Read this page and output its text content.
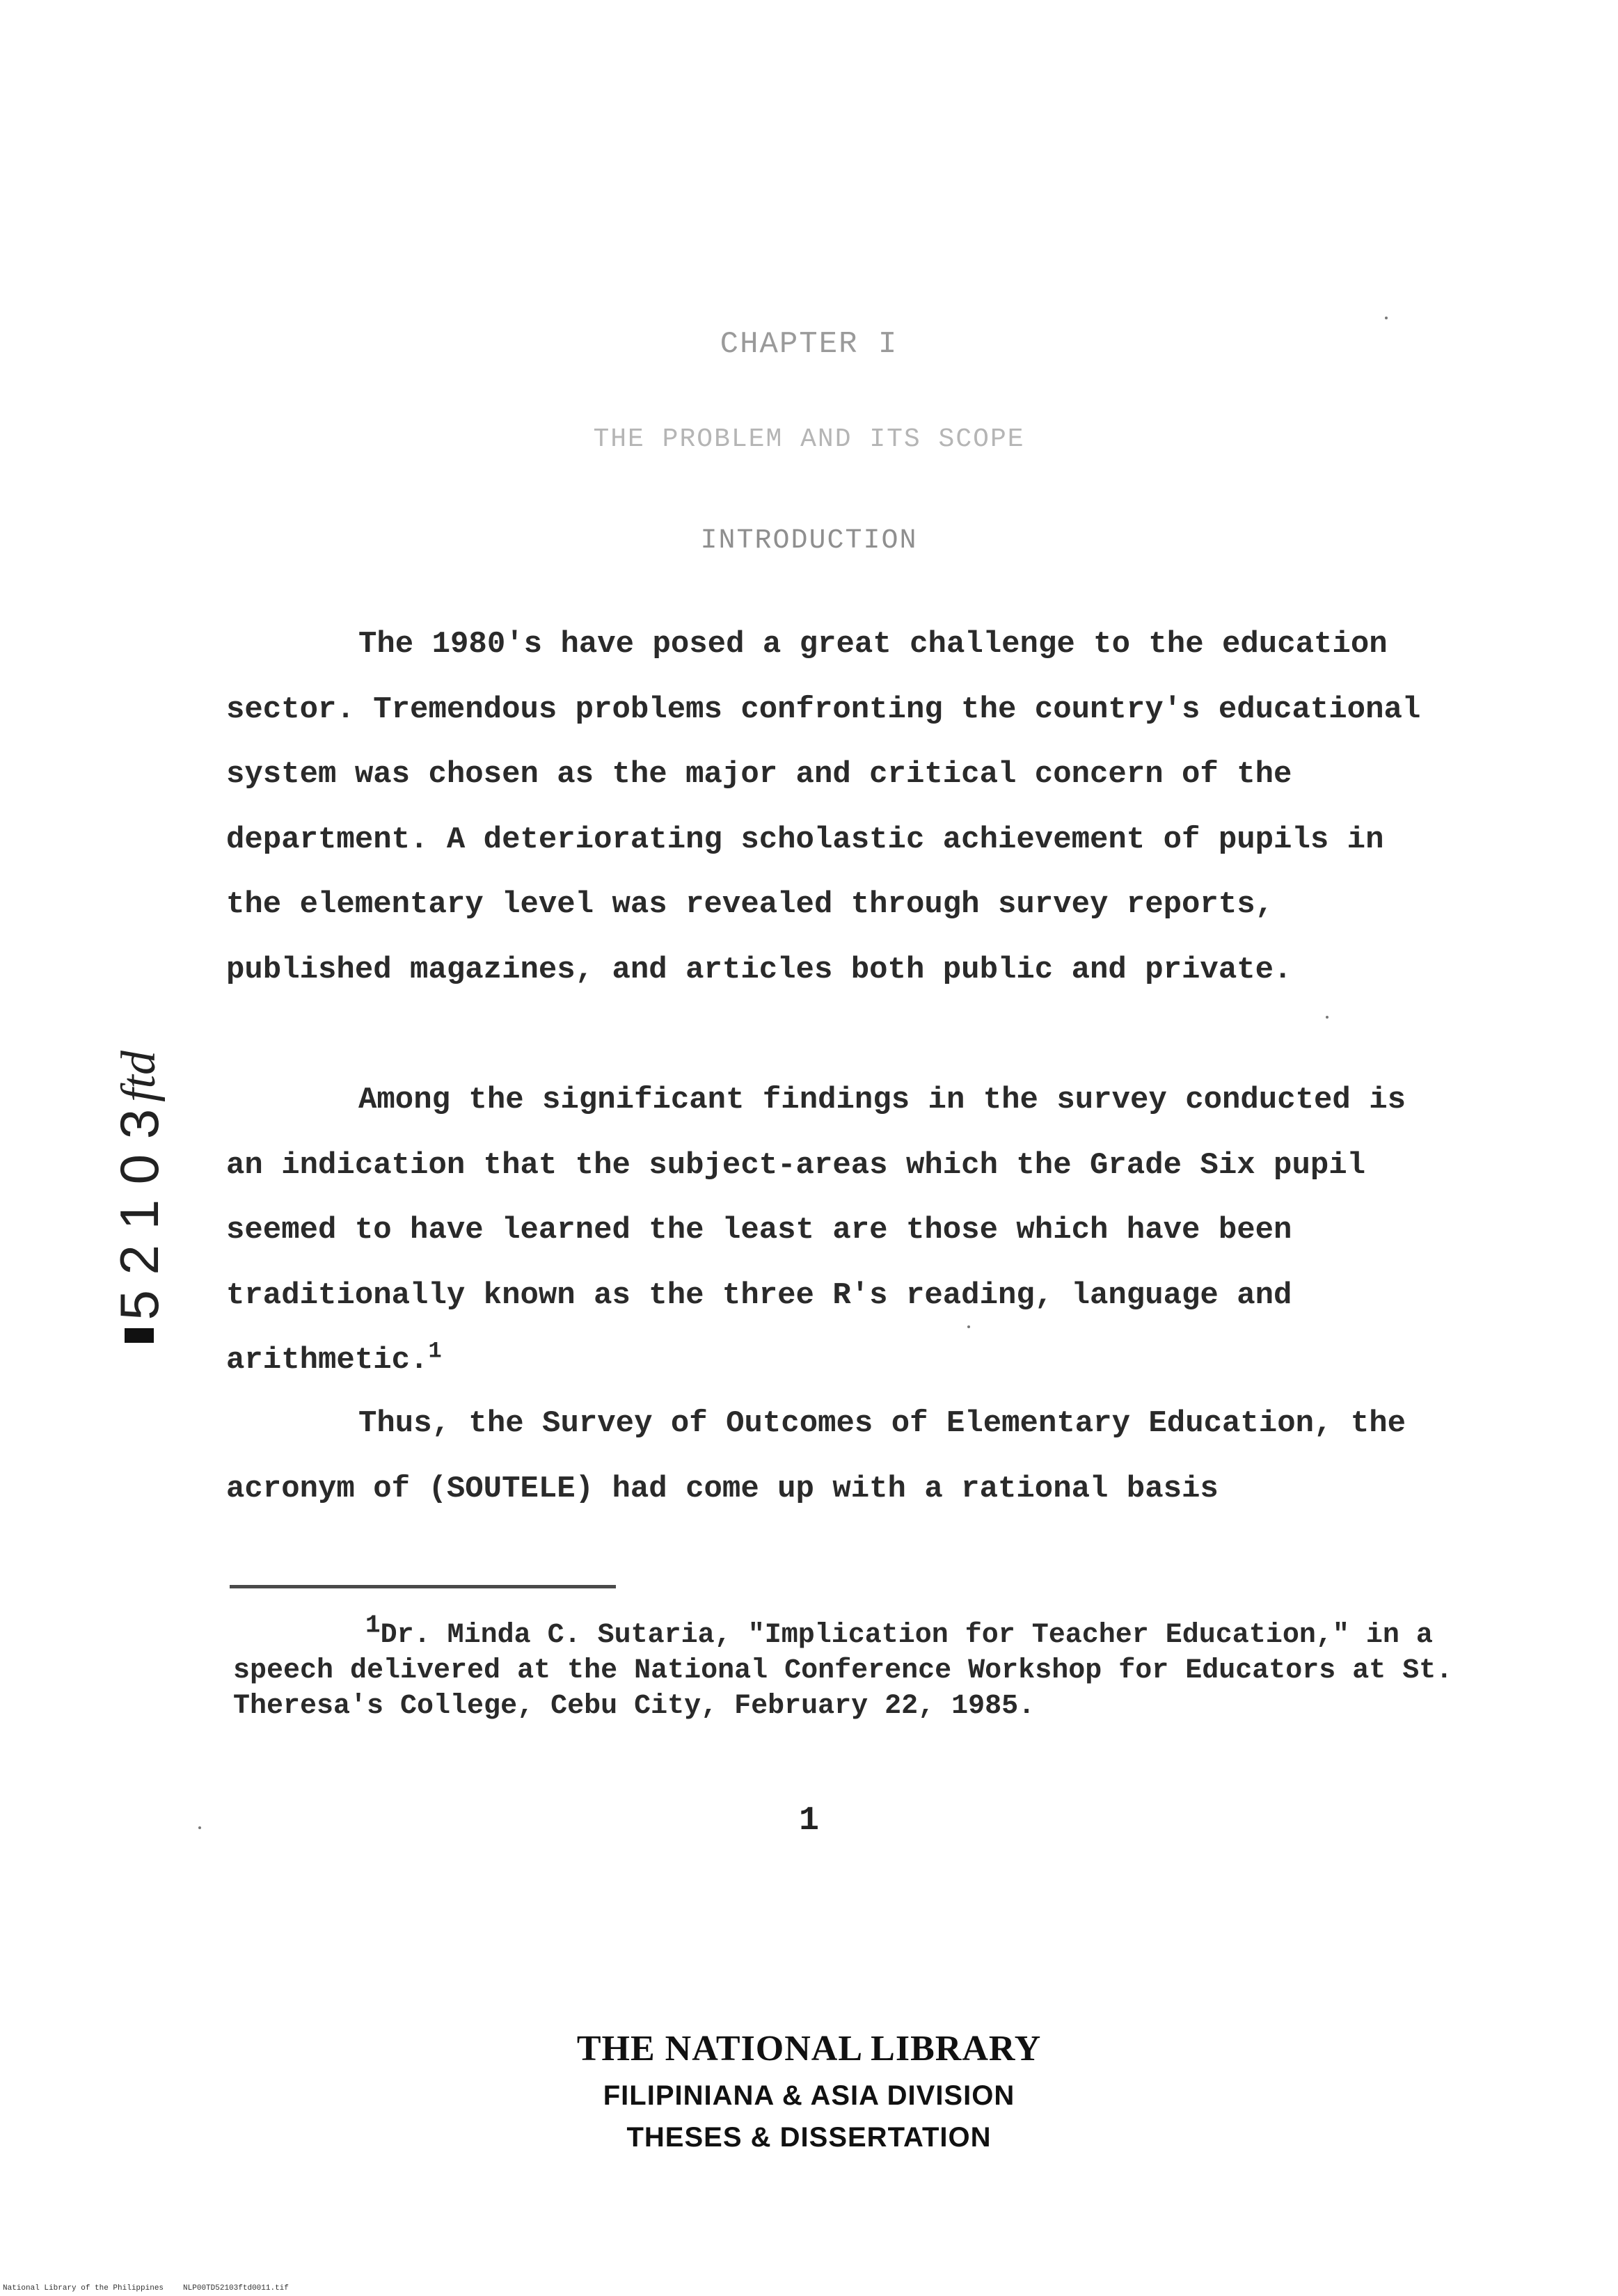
CHAPTER I
THE PROBLEM AND ITS SCOPE
INTRODUCTION

The 1980's have posed a great challenge to the education sector. Tremendous problems confronting the country's educational system was chosen as the major and critical concern of the department. A deteriorating scholastic achievement of pupils in the elementary level was revealed through survey reports, published magazines, and articles both public and private.

Among the significant findings in the survey conducted is an indication that the subject-areas which the Grade Six pupil seemed to have learned the least are those which have been traditionally known as the three R's reading, language and arithmetic.$^1$

Thus, the Survey of Outcomes of Elementary Education, the acronym of (SOUTELE) had come up with a rational basis

1Dr. Minda C. Sutaria, "Implication for Teacher Education," in a speech delivered at the National Conference Workshop for Educators at St. Theresa's College, Cebu City, February 22, 1985.
1
THE NATIONAL LIBRARY
FILIPINIANA & ASIA DIVISION
THESES & DISSERTATION
5 2 1 0 3
ftd
National Library of the Philippines	NLP00TD52103ftd0011.tif
